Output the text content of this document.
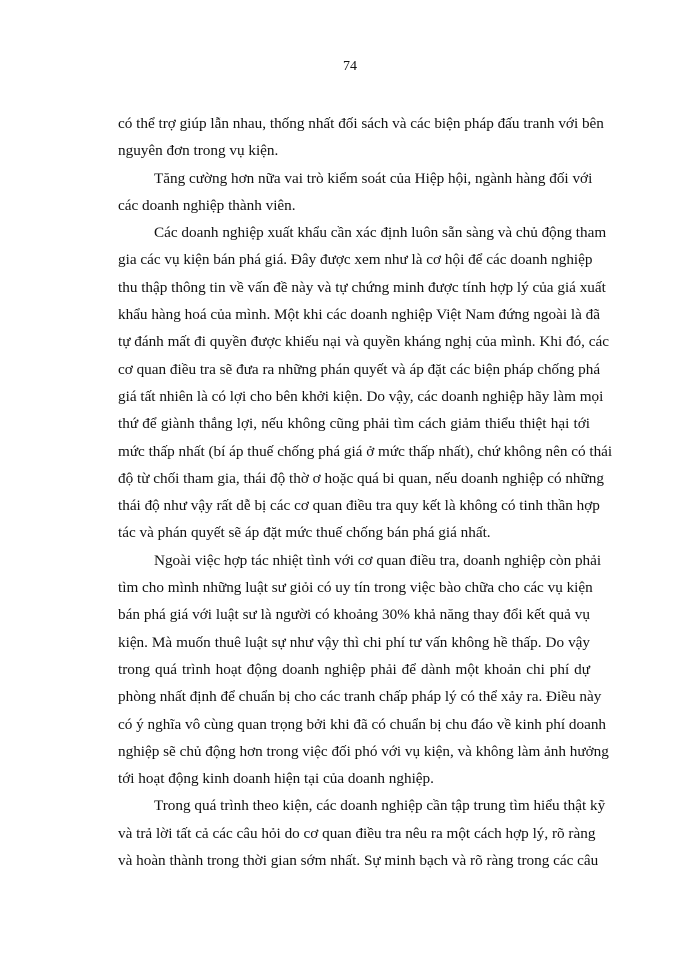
74
có thể trợ giúp lẫn nhau, thống nhất đối sách và các biện pháp đấu tranh với bên
nguyên đơn trong vụ kiện.
Tăng cường hơn nữa vai trò kiểm soát của Hiệp hội, ngành hàng đối với
các doanh nghiệp thành viên.
Các doanh nghiệp xuất khẩu cần xác định luôn sẵn sàng và chủ động tham
gia các vụ kiện bán phá giá. Đây được xem như là cơ hội để các doanh nghiệp
thu thập thông tin về vấn đề này và tự chứng minh được tính hợp lý của giá xuất
khẩu hàng hoá của mình. Một khi các doanh nghiệp Việt Nam đứng ngoài là đã
tự đánh mất đi quyền được khiếu nại và quyền kháng nghị của mình. Khi đó, các
cơ quan điều tra sẽ đưa ra những phán quyết và áp đặt các biện pháp chống phá
giá tất nhiên là có lợi cho bên khởi kiện. Do vậy, các doanh nghiệp hãy làm mọi
thứ để giành thắng lợi, nếu không cũng phải tìm cách giảm thiểu thiệt hại tới
mức thấp nhất (bí áp thuế chống phá giá ở mức thấp nhất), chứ không nên có thái
độ từ chối tham gia, thái độ thờ ơ hoặc quá bi quan, nếu doanh nghiệp có những
thái độ như vậy rất dễ bị các cơ quan điều tra quy kết là không có tinh thần hợp
tác và phán quyết sẽ áp đặt mức thuế chống bán phá giá nhất.
Ngoài việc hợp tác nhiệt tình với cơ quan điều tra, doanh nghiệp còn phải
tìm cho mình những luật sư giỏi có uy tín trong việc bào chữa cho các vụ kiện
bán phá giá với luật sư là người có khoảng 30% khả năng thay đổi kết quả vụ
kiện. Mà muốn thuê luật sự như vậy thì chi phí tư vấn không hề thấp. Do vậy
trong quá trình hoạt động doanh nghiệp phải để dành một khoản chi phí dự
phòng nhất định để chuẩn bị cho các tranh chấp pháp lý có thể xảy ra. Điều này
có ý nghĩa vô cùng quan trọng bởi khi đã có chuẩn bị chu đáo về kinh phí doanh
nghiệp sẽ chủ động hơn trong việc đối phó với vụ kiện, và không làm ảnh hưởng
tới hoạt động kinh doanh hiện tại của doanh nghiệp.
Trong quá trình theo kiện, các doanh nghiệp cần tập trung tìm hiểu thật kỹ
và trả lời tất cả các câu hỏi do cơ quan điều tra nêu ra một cách hợp lý, rõ ràng
và hoàn thành trong thời gian sớm nhất. Sự minh bạch và rõ ràng trong các câu
